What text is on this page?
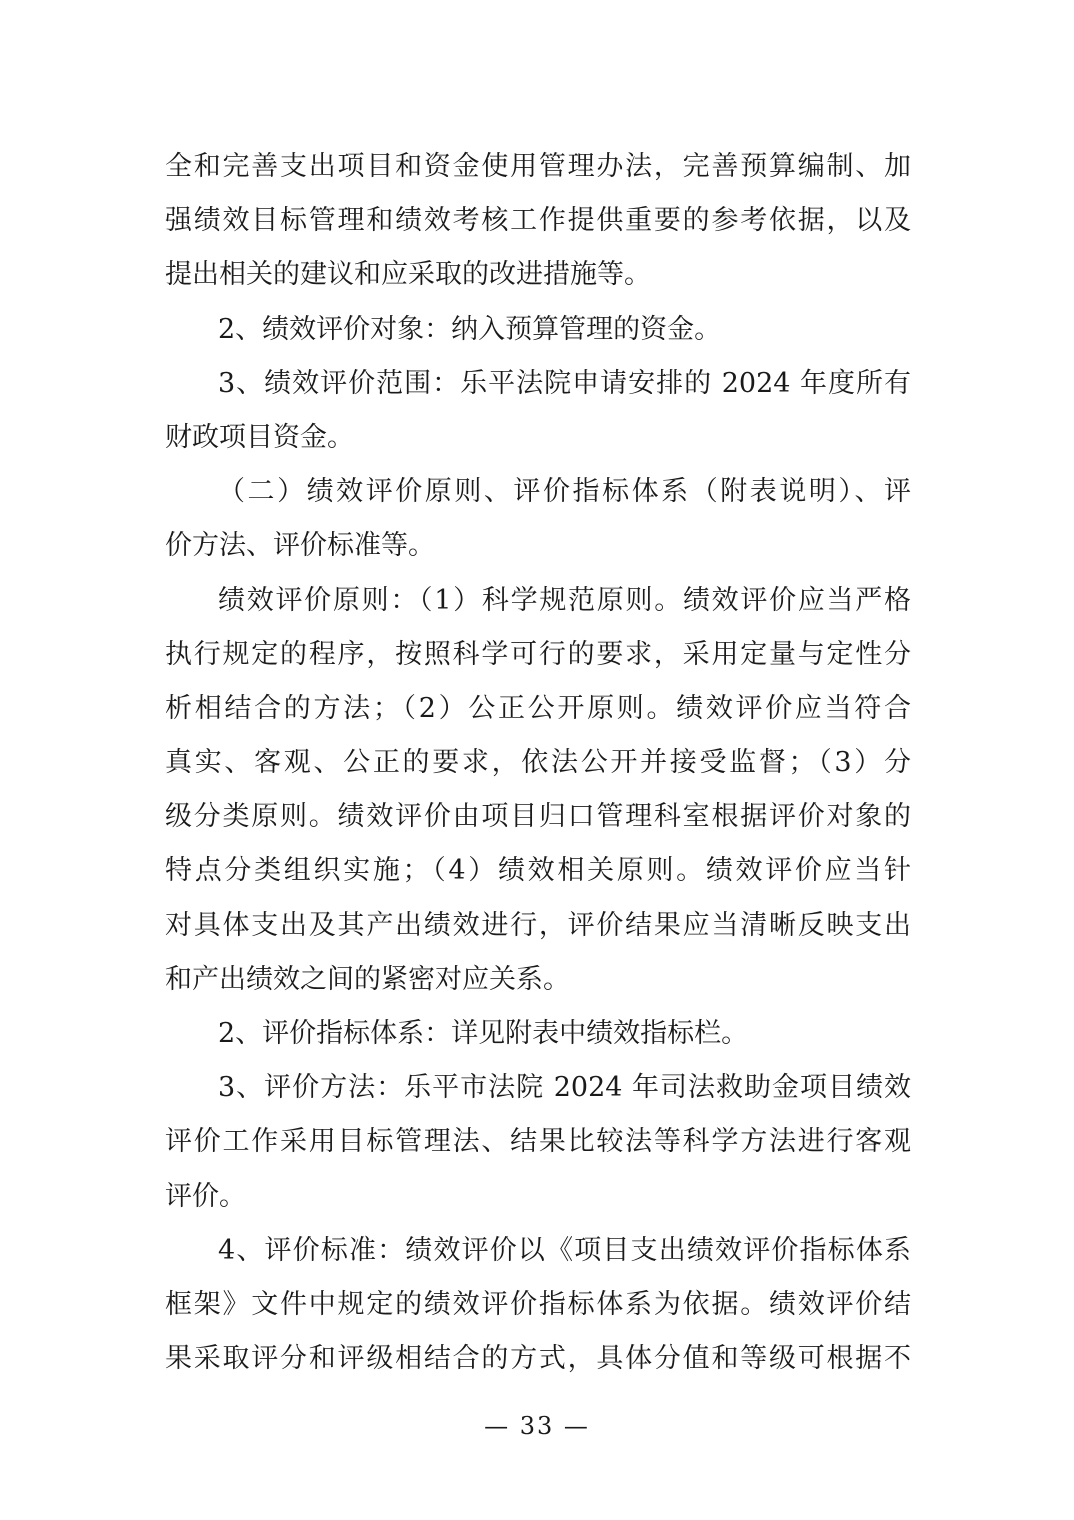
全和完善支出项目和资金使用管理办法，完善预算编制、加
强绩效目标管理和绩效考核工作提供重要的参考依据，以及
提出相关的建议和应采取的改进措施等。
2、绩效评价对象：纳入预算管理的资金。
3、绩效评价范围：乐平法院申请安排的 2024 年度所有
财政项目资金。
（二）绩效评价原则、评价指标体系（附表说明）、评
价方法、评价标准等。
绩效评价原则：（1）科学规范原则。绩效评价应当严格
执行规定的程序，按照科学可行的要求，采用定量与定性分
析相结合的方法；（2）公正公开原则。绩效评价应当符合
真实、客观、公正的要求，依法公开并接受监督；（3）分
级分类原则。绩效评价由项目归口管理科室根据评价对象的
特点分类组织实施；（4）绩效相关原则。绩效评价应当针
对具体支出及其产出绩效进行，评价结果应当清晰反映支出
和产出绩效之间的紧密对应关系。
2、评价指标体系：详见附表中绩效指标栏。
3、评价方法：乐平市法院 2024 年司法救助金项目绩效
评价工作采用目标管理法、结果比较法等科学方法进行客观
评价。
4、评价标准：绩效评价以《项目支出绩效评价指标体系
框架》文件中规定的绩效评价指标体系为依据。绩效评价结
果采取评分和评级相结合的方式，具体分值和等级可根据不
— 33 —
